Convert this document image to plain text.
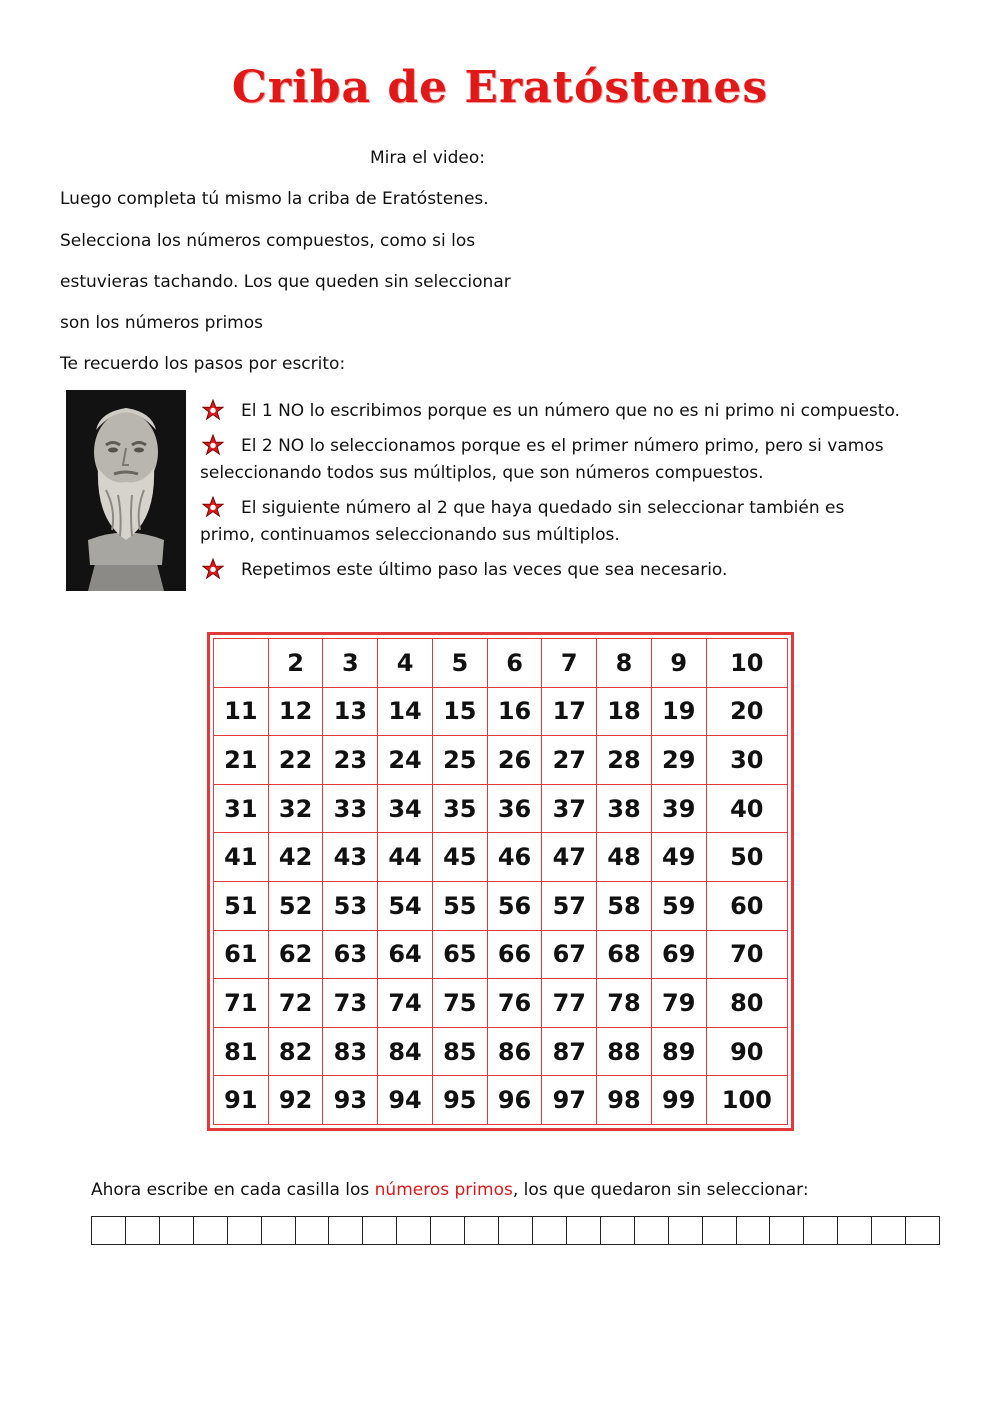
Criba de Eratóstenes
Mira el video:
Luego completa tú mismo la criba de Eratóstenes.
Selecciona los números compuestos, como si los
estuvieras tachando. Los que queden sin seleccionar
son los números primos
Te recuerdo los pasos por escrito:
El 1 NO lo escribimos porque es un número que no es ni primo ni compuesto.
El 2 NO lo seleccionamos porque es el primer número primo, pero si vamos seleccionando todos sus múltiplos, que son números compuestos.
El siguiente número al 2 que haya quedado sin seleccionar también es primo, continuamos seleccionando sus múltiplos.
Repetimos este último paso las veces que sea necesario.
	2	3	4	5	6	7	8	9	10
11	12	13	14	15	16	17	18	19	20
21	22	23	24	25	26	27	28	29	30
31	32	33	34	35	36	37	38	39	40
41	42	43	44	45	46	47	48	49	50
51	52	53	54	55	56	57	58	59	60
61	62	63	64	65	66	67	68	69	70
71	72	73	74	75	76	77	78	79	80
81	82	83	84	85	86	87	88	89	90
91	92	93	94	95	96	97	98	99	100
Ahora escribe en cada casilla los números primos, los que quedaron sin seleccionar:
